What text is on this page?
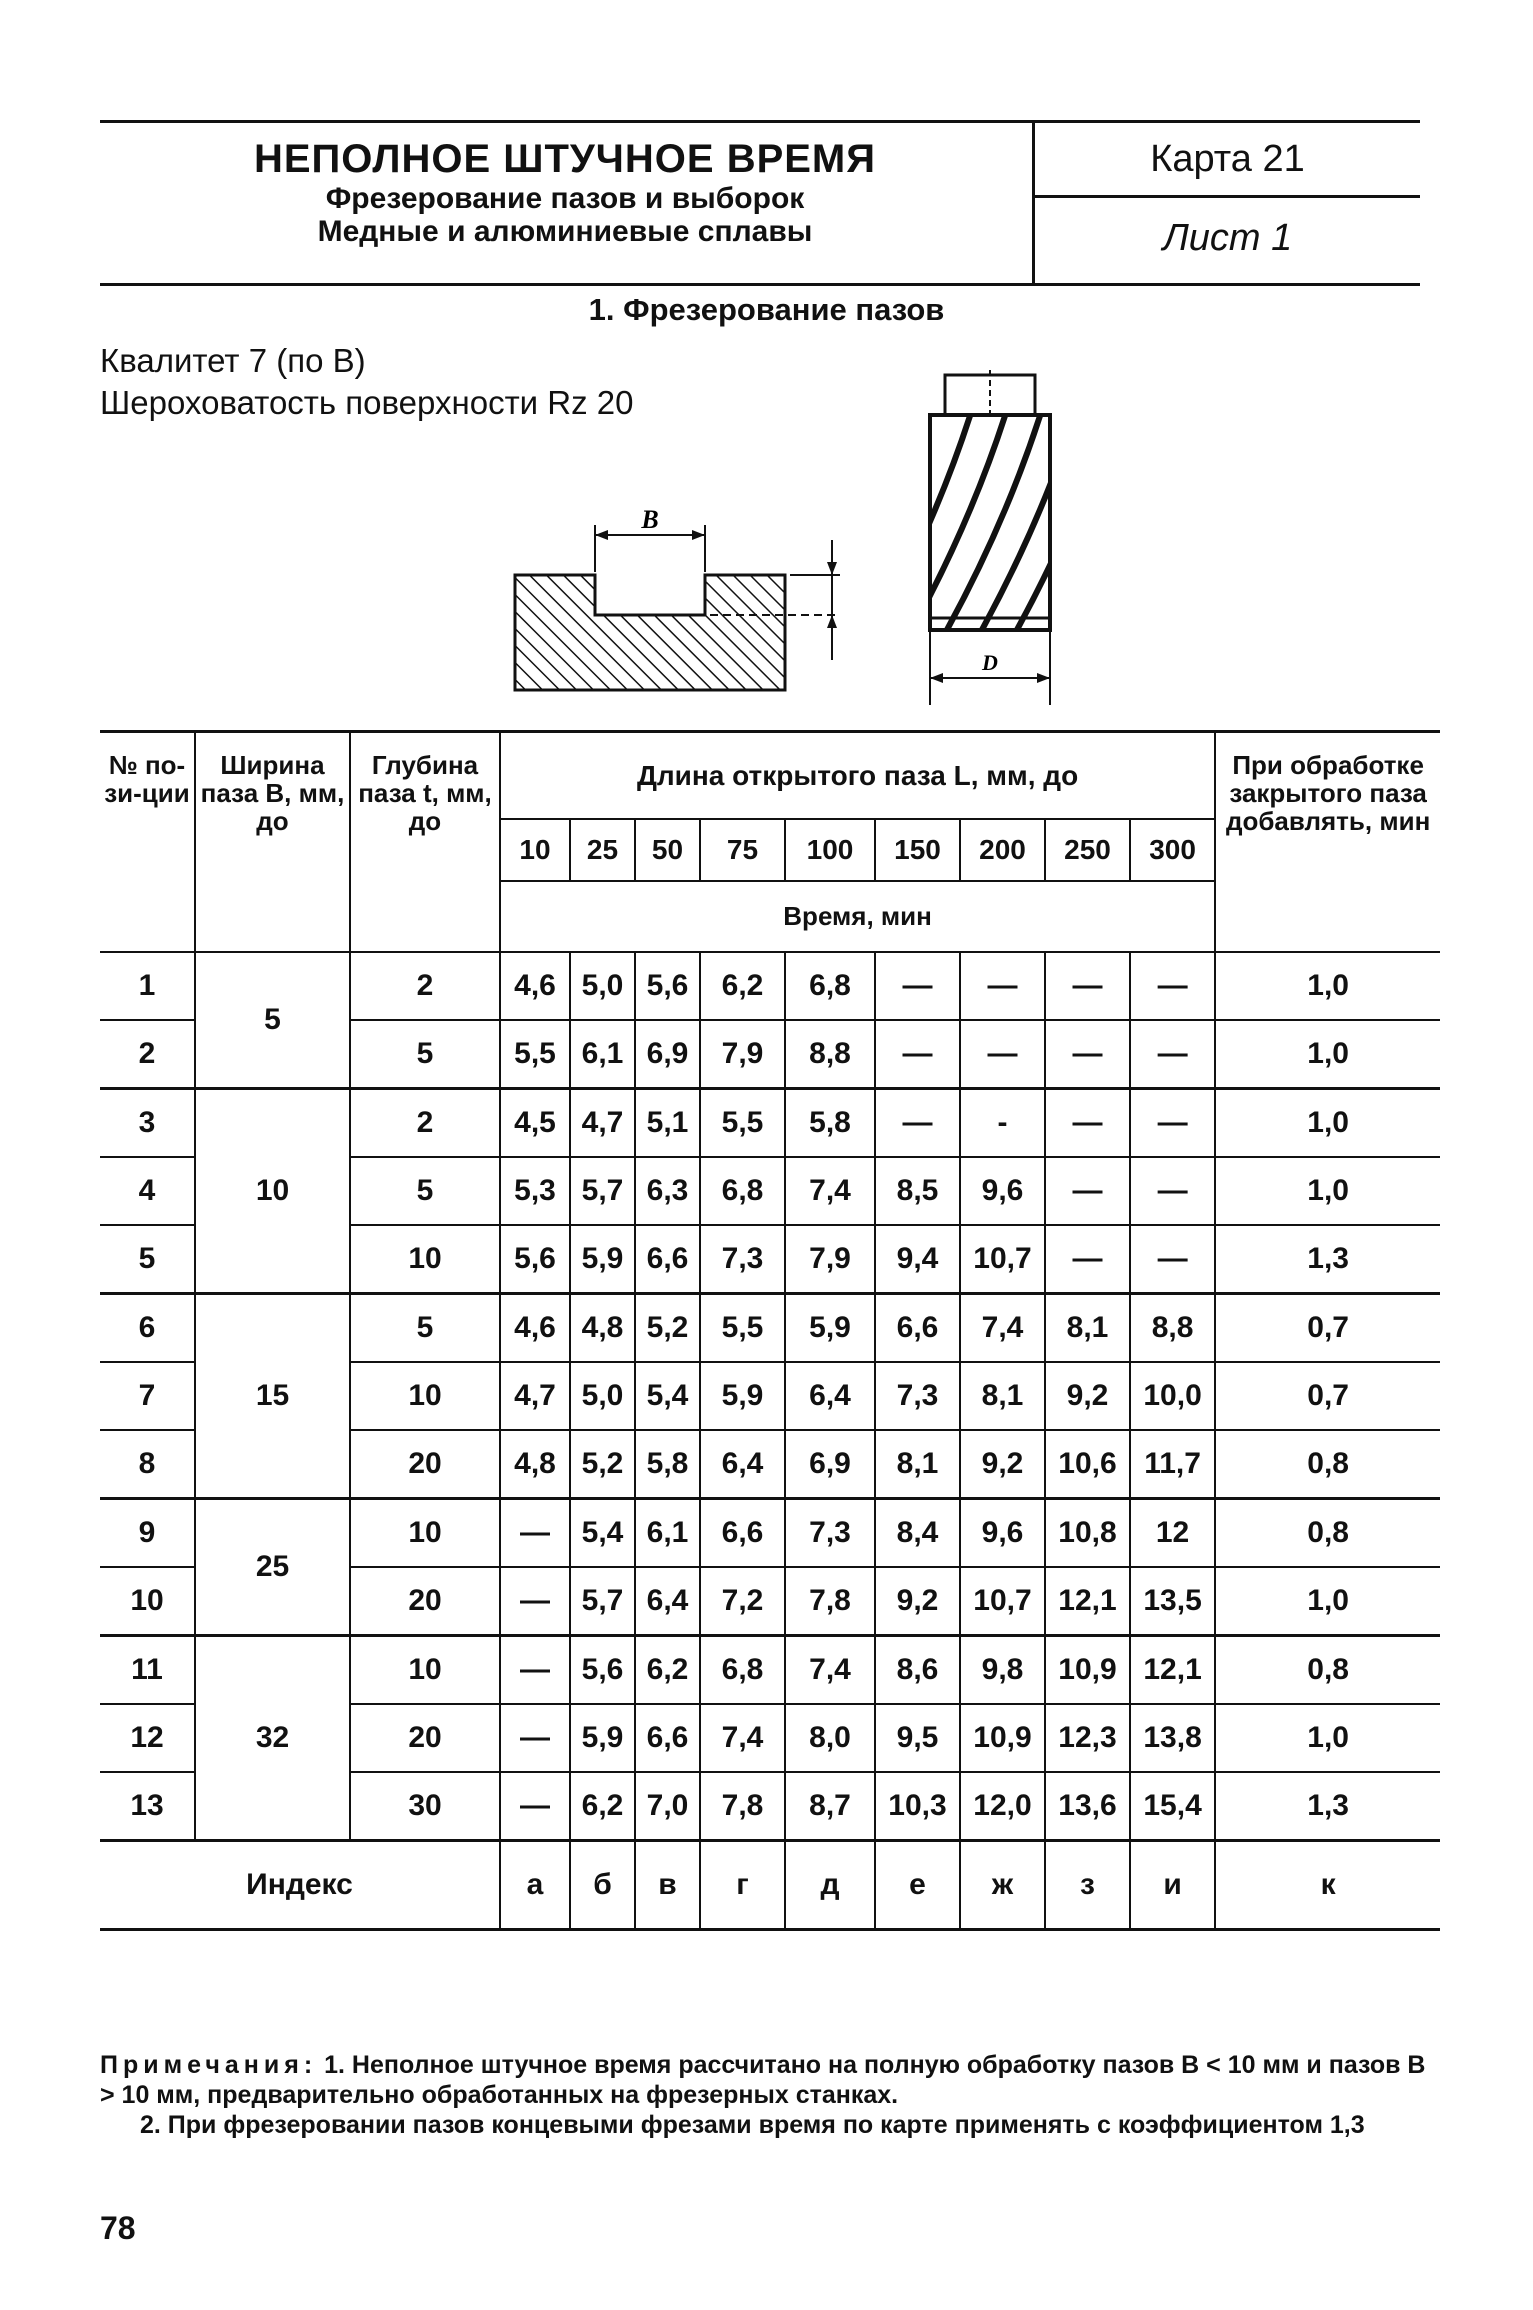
НЕПОЛНОЕ ШТУЧНОЕ ВРЕМЯ
Фрезерование пазов и выборок
Медные и алюминиевые сплавы
Карта 21
Лист 1
1. Фрезерование пазов
Квалитет 7 (по В)
Шероховатость поверхности Rz 20
B
D
№ по-зи-ции	Ширина паза B, мм, до	Глубина паза t, мм, до	Длина открытого паза L, мм, до									При обработке закрытого паза добавлять, мин
			10	25	50	75	100	150	200	250	300	
			Время, мин									
1	5	2	4,6	5,0	5,6	6,2	6,8	—	—	—	—	1,0
2		5	5,5	6,1	6,9	7,9	8,8	—	—	—	—	1,0
3	10	2	4,5	4,7	5,1	5,5	5,8	—	-	—	—	1,0
4		5	5,3	5,7	6,3	6,8	7,4	8,5	9,6	—	—	1,0
5		10	5,6	5,9	6,6	7,3	7,9	9,4	10,7	—	—	1,3
6	15	5	4,6	4,8	5,2	5,5	5,9	6,6	7,4	8,1	8,8	0,7
7		10	4,7	5,0	5,4	5,9	6,4	7,3	8,1	9,2	10,0	0,7
8		20	4,8	5,2	5,8	6,4	6,9	8,1	9,2	10,6	11,7	0,8
9	25	10	—	5,4	6,1	6,6	7,3	8,4	9,6	10,8	12	0,8
10		20	—	5,7	6,4	7,2	7,8	9,2	10,7	12,1	13,5	1,0
11	32	10	—	5,6	6,2	6,8	7,4	8,6	9,8	10,9	12,1	0,8
12		20	—	5,9	6,6	7,4	8,0	9,5	10,9	12,3	13,8	1,0
13		30	—	6,2	7,0	7,8	8,7	10,3	12,0	13,6	15,4	1,3
Индекс			а	б	в	г	д	е	ж	з	и	к
Примечания: 1. Неполное штучное время рассчитано на полную обработку пазов B < 10 мм и пазов B > 10 мм, предварительно обработанных на фрезерных станках.
2. При фрезеровании пазов концевыми фрезами время по карте применять с коэффициентом 1,3
78
